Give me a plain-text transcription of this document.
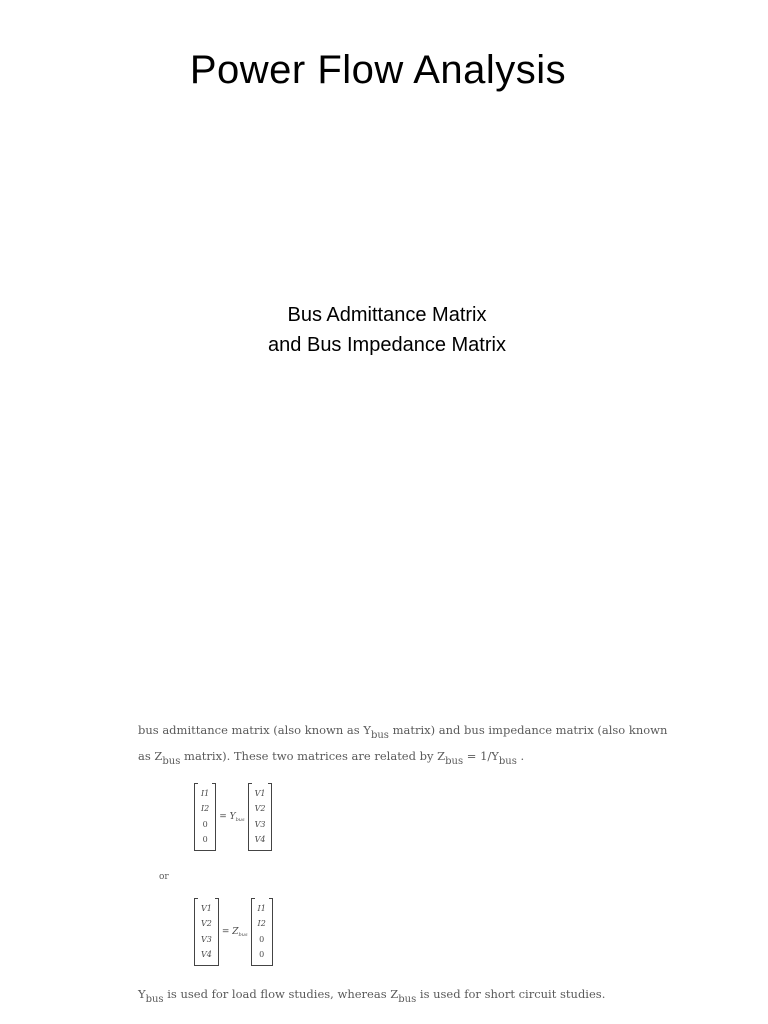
Power Flow Analysis
Bus Admittance Matrix
and Bus Impedance Matrix
bus admittance matrix (also known as Ybus matrix) and bus impedance matrix (also known
as Zbus matrix). These two matrices are related by Zbus = 1/Ybus .
I1
I2
0
0
= $Y_{bus}$
V1
V2
V3
V4
or
V1
V2
V3
V4
= $Z_{bus}$
I1
I2
0
0
Ybus is used for load flow studies, whereas Zbus is used for short circuit studies.
